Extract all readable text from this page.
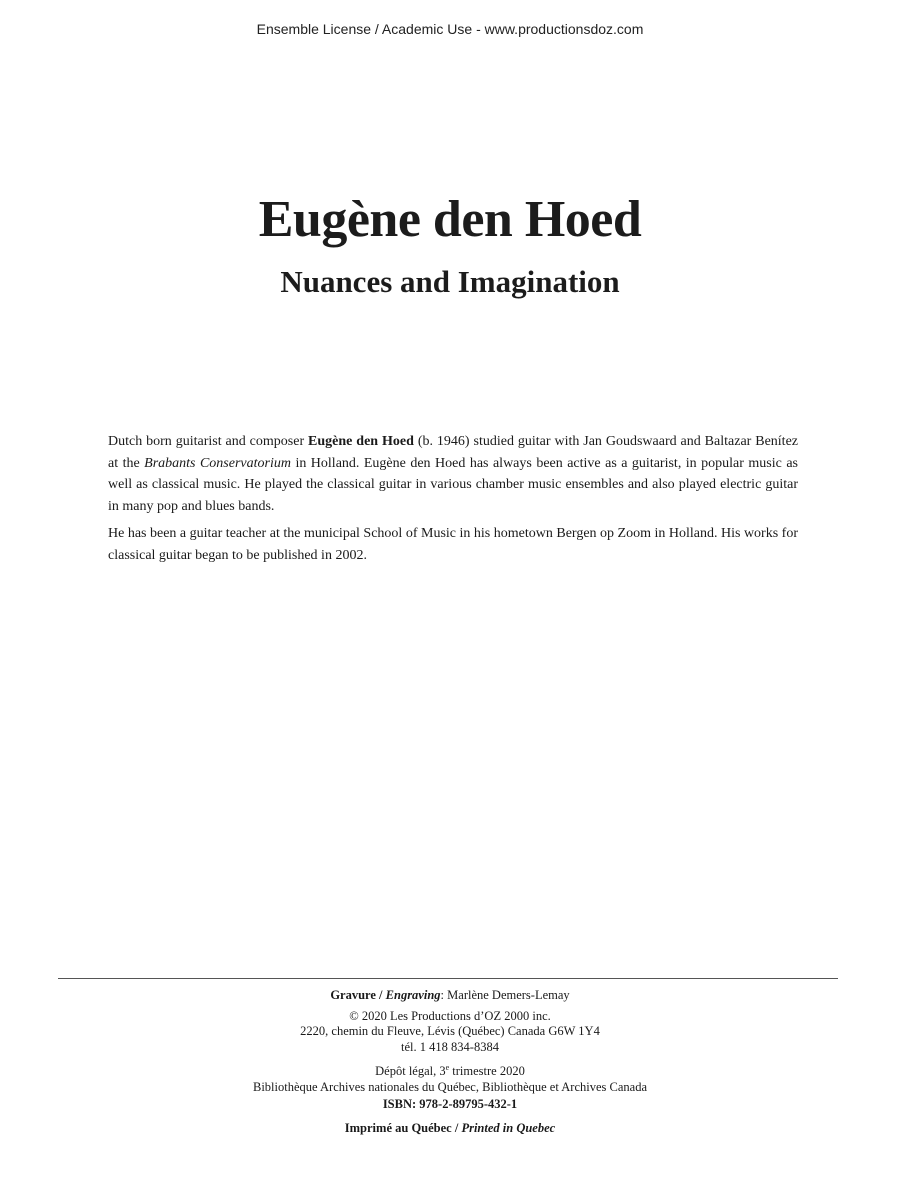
Ensemble License / Academic Use - www.productionsdoz.com
Eugène den Hoed
Nuances and Imagination

Dutch born guitarist and composer Eugène den Hoed (b. 1946) studied guitar with Jan Goudswaard and Baltazar Benítez at the Brabants Conservatorium in Holland. Eugène den Hoed has always been active as a guitarist, in popular music as well as classical music. He played the classical guitar in various chamber music ensembles and also played electric guitar in many pop and blues bands.

He has been a guitar teacher at the municipal School of Music in his hometown Bergen op Zoom in Holland. His works for classical guitar began to be published in 2002.

Gravure / Engraving: Marlène Demers-Lemay
© 2020 Les Productions d’OZ 2000 inc.
2220, chemin du Fleuve, Lévis (Québec) Canada G6W 1Y4
tél. 1 418 834-8384
Dépôt légal, 3e trimestre 2020
Bibliothèque Archives nationales du Québec, Bibliothèque et Archives Canada
ISBN: 978-2-89795-432-1
Imprimé au Québec / Printed in Quebec
